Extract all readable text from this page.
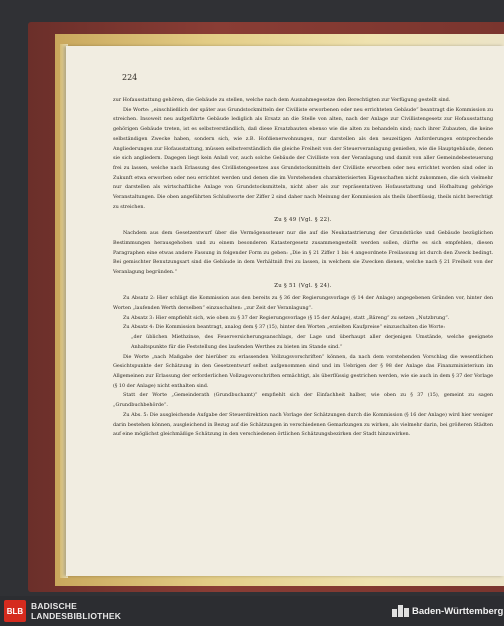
224

zur Hofausstattung gehören, die Gebäude zu stellen, welche nach dem Ausnahmegesetze den Berechtigten zur Verfügung gestellt sind.

Die Worte: „einschließlich der später aus Grundstockmitteln der Civilliste erworbenen oder neu errichteten Gebäude“ beantragt die Kommission zu streichen. Insoweit neu aufgeführte Gebäude lediglich als Ersatz an die Stelle von alten, nach der Anlage zur Civillistengesetz zur Hofausstattung gehörigen Gebäude treten, ist es selbstverständlich, daß diese Ersatzbauten ebenso wie die alten zu behandeln sind; nach ihrer Zubauten, die keine selbständigen Zwecke haben, sondern sich, wie z.B. Hofdienerwohnungen, nur darstellen als den neuzeitigen Anforderungen entsprechende Angliederungen zur Hofausstattung, müssen selbstverständlich die gleiche Freiheit von der Steuerveranlagung genießen, wie die Hauptgebäude, denen sie sich angliedern. Dagegen liegt kein Anlaß vor, auch solche Gebäude der Civilliste von der Veranlagung und damit von aller Gemeindebesteuerung frei zu lassen, welche nach Erlassung des Civillistengesetzes aus Grundstocksmitteln der Civilliste erworben oder neu errichtet worden sind oder in Zukunft etwa erworben oder neu errichtet werden und denen die im Vorstehenden charakterisierten Eigenschaften nicht zukommen, die sich vielmehr nur darstellen als wirtschaftliche Anlage von Grundstocksmitteln, nicht aber als zur repräsentativen Hofausstattung und Hofhaltung gehörige Veranstaltungen. Die oben angeführten Schlußworte der Ziffer 2 sind daher nach Meinung der Kommission als theils überflüssig, theils nicht berechtigt zu streichen.

Zu § 49 (Vgl. § 22).

Nachdem aus dem Gesetzentwurf über die Vermögenssteuer nur die auf die Neukatastrierung der Grundstücke und Gebäude bezüglichen Bestimmungen herausgehoben und zu einem besonderen Katastergesetz zusammengestellt werden sollen, dürfte es sich empfehlen, diesen Paragraphen eine etwas andere Fassung in folgender Form zu geben: „Die in § 21 Ziffer 1 bis 4 angeordnete Freilassung ist durch den Zweck bedingt. Bei gemischter Benutzungsart sind die Gebäude in dem Verhältniß frei zu lassen, in welchem sie Zwecken dienen, welche nach § 21 Freiheit von der Veranlagung begründen.“

Zu § 51 (Vgl. § 24).

Zu Absatz 2: Hier schlägt die Kommission aus den bereits zu § 36 der Regierungsvorlage (§ 14 der Anlage) angegebenen Gründen vor, hinter den Worten „laufenden Werth derselben“ einzuschalten: „zur Zeit der Veranlagung“.

Zu Absatz 3: Hier empfiehlt sich, wie oben zu § 37 der Regierungsvorlage (§ 15 der Anlage), statt „Bäreng“ zu setzen „Nutzbrung“.

Zu Absatz 4: Die Kommission beantragt, analog dem § 37 (15), hinter den Worten „erzielten Kaufpreise“ einzuschalten die Worte:

„der üblichen Miethzinse, des Feuerversicherungsanschlags, der Lage und überhaupt aller derjenigen Umstände, welche geeignete Anhaltspunkte für die Feststellung des laufenden Werthes zu bieten im Stande sind.“

Die Worte „nach Maßgabe der hierüber zu erlassenden Vollzugsvorschriften“ können, da nach dem vorstehenden Vorschlag die wesentlichen Gesichtspunkte der Schätzung in den Gesetzentwurf selbst aufgenommen sind und im Uebrigen der § 98 der Anlage das Finanzministerium im Allgemeinen zur Erlassung der erforderlichen Vollzugsvorschriften ermächtigt, als überflüssig gestrichen werden, wie sie auch in dem § 37 der Vorlage (§ 10 der Anlage) nicht enthalten sind.

Statt der Worte „Gemeinderath (Grundbuchamt)“ empfiehlt sich der Einfachheit halber, wie oben zu § 37 (15), gemeint zu sagen „Grundbuchbehörde“.

Zu Abs. 5: Die ausgleichende Aufgabe der Steuerdirektion nach Vorlage der Schätzungen durch die Kommission (§ 16 der Anlage) wird hier weniger darin bestehen können, ausgleichend in Bezug auf die Schätzungen in verschiedenen Gemarkungen zu wirken, als vielmehr darin, bei größeren Städten auf eine möglichst gleichmäßige Schätzung in den verschiedenen örtlichen Schätzungsbezirken der Stadt hinzuwirken.

BLB BADISCHE
LANDESBIBLIOTHEK	Baden-Württemberg
